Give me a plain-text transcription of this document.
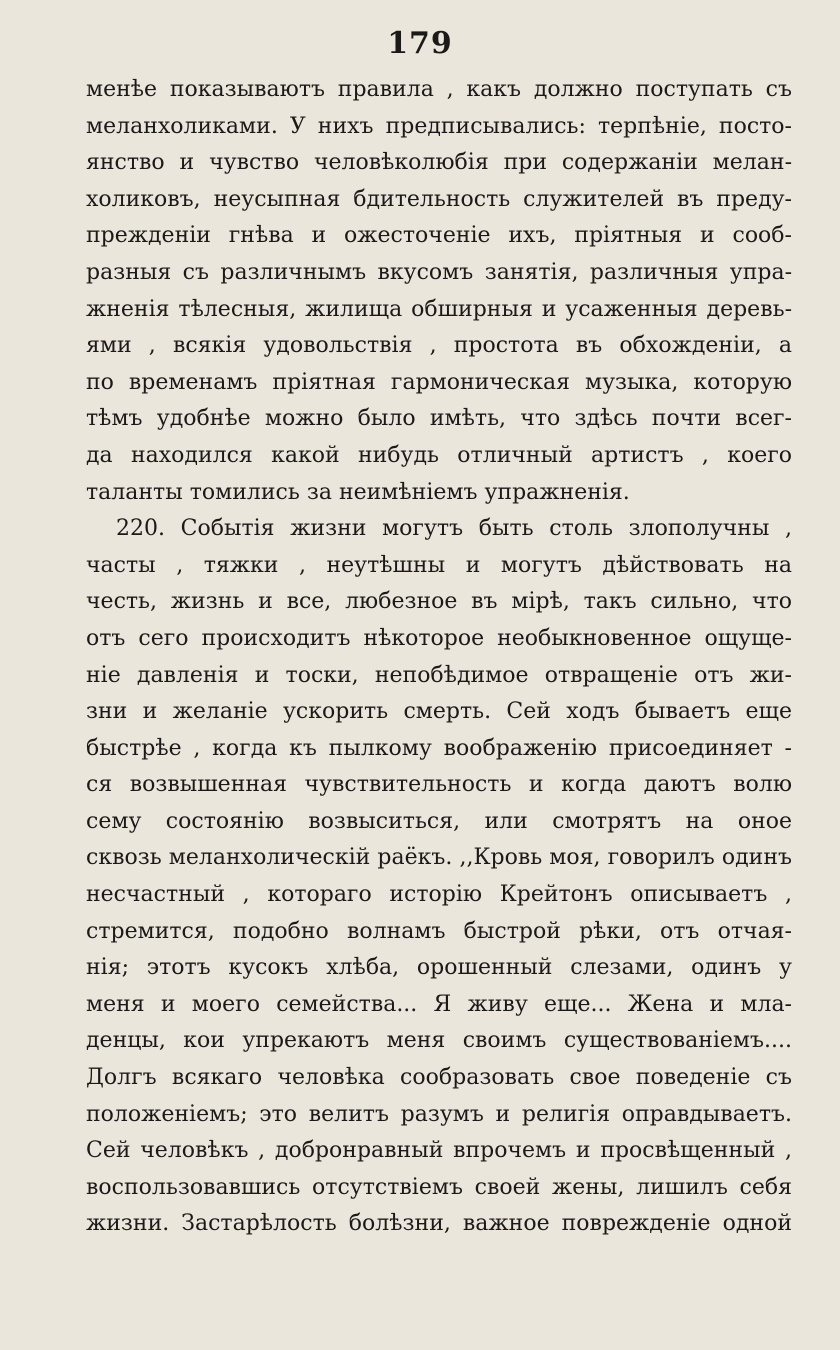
179
менѣе показываютъ правила , какъ должно поступать съ
меланхоликами. У нихъ предписывались: терпѣніе, посто-
янство и чувство человѣколюбія при содержаніи мелан-
холиковъ, неусыпная бдительность служителей въ преду-
прежденіи гнѣва и ожесточеніе ихъ, пріятныя и сооб-
разныя съ различнымъ вкусомъ занятія, различныя упра-
жненія тѣлесныя, жилища обширныя и усаженныя деревь-
ями , всякія удовольствія , простота въ обхожденіи, а
по временамъ пріятная гармоническая музыка, которую
тѣмъ удобнѣе можно было имѣть, что здѣсь почти всег-
да находился какой нибудь отличный артистъ , коего
таланты томились за неимѣніемъ упражненія.
220. Событія жизни могутъ быть столь злополучны ,
часты , тяжки , неутѣшны и могутъ дѣйствовать на
честь, жизнь и все, любезное въ мірѣ, такъ сильно, что
отъ сего происходитъ нѣкоторое необыкновенное ощуще-
ніе давленія и тоски, непобѣдимое отвращеніе отъ жи-
зни и желаніе ускорить смерть. Сей ходъ бываетъ еще
быстрѣе , когда къ пылкому воображенію присоединяет -
ся возвышенная чувствительность и когда даютъ волю
сему состоянію возвыситься, или смотрятъ на оное
сквозь меланхолическій раёкъ. ,,Кровь моя, говорилъ одинъ
несчастный , котораго исторію Крейтонъ описываетъ ,
стремится, подобно волнамъ быстрой рѣки, отъ отчая-
нія; этотъ кусокъ хлѣба, орошенный слезами, одинъ у
меня и моего семейства... Я живу еще... Жена и мла-
денцы, кои упрекаютъ меня своимъ существованіемъ....
Долгъ всякаго человѣка сообразовать свое поведеніе съ
положеніемъ; это велитъ разумъ и религія оправдываетъ.
Сей человѣкъ , добронравный впрочемъ и просвѣщенный ,
воспользовавшись отсутствіемъ своей жены, лишилъ себя
жизни. Застарѣлость болѣзни, важное поврежденіе одной
